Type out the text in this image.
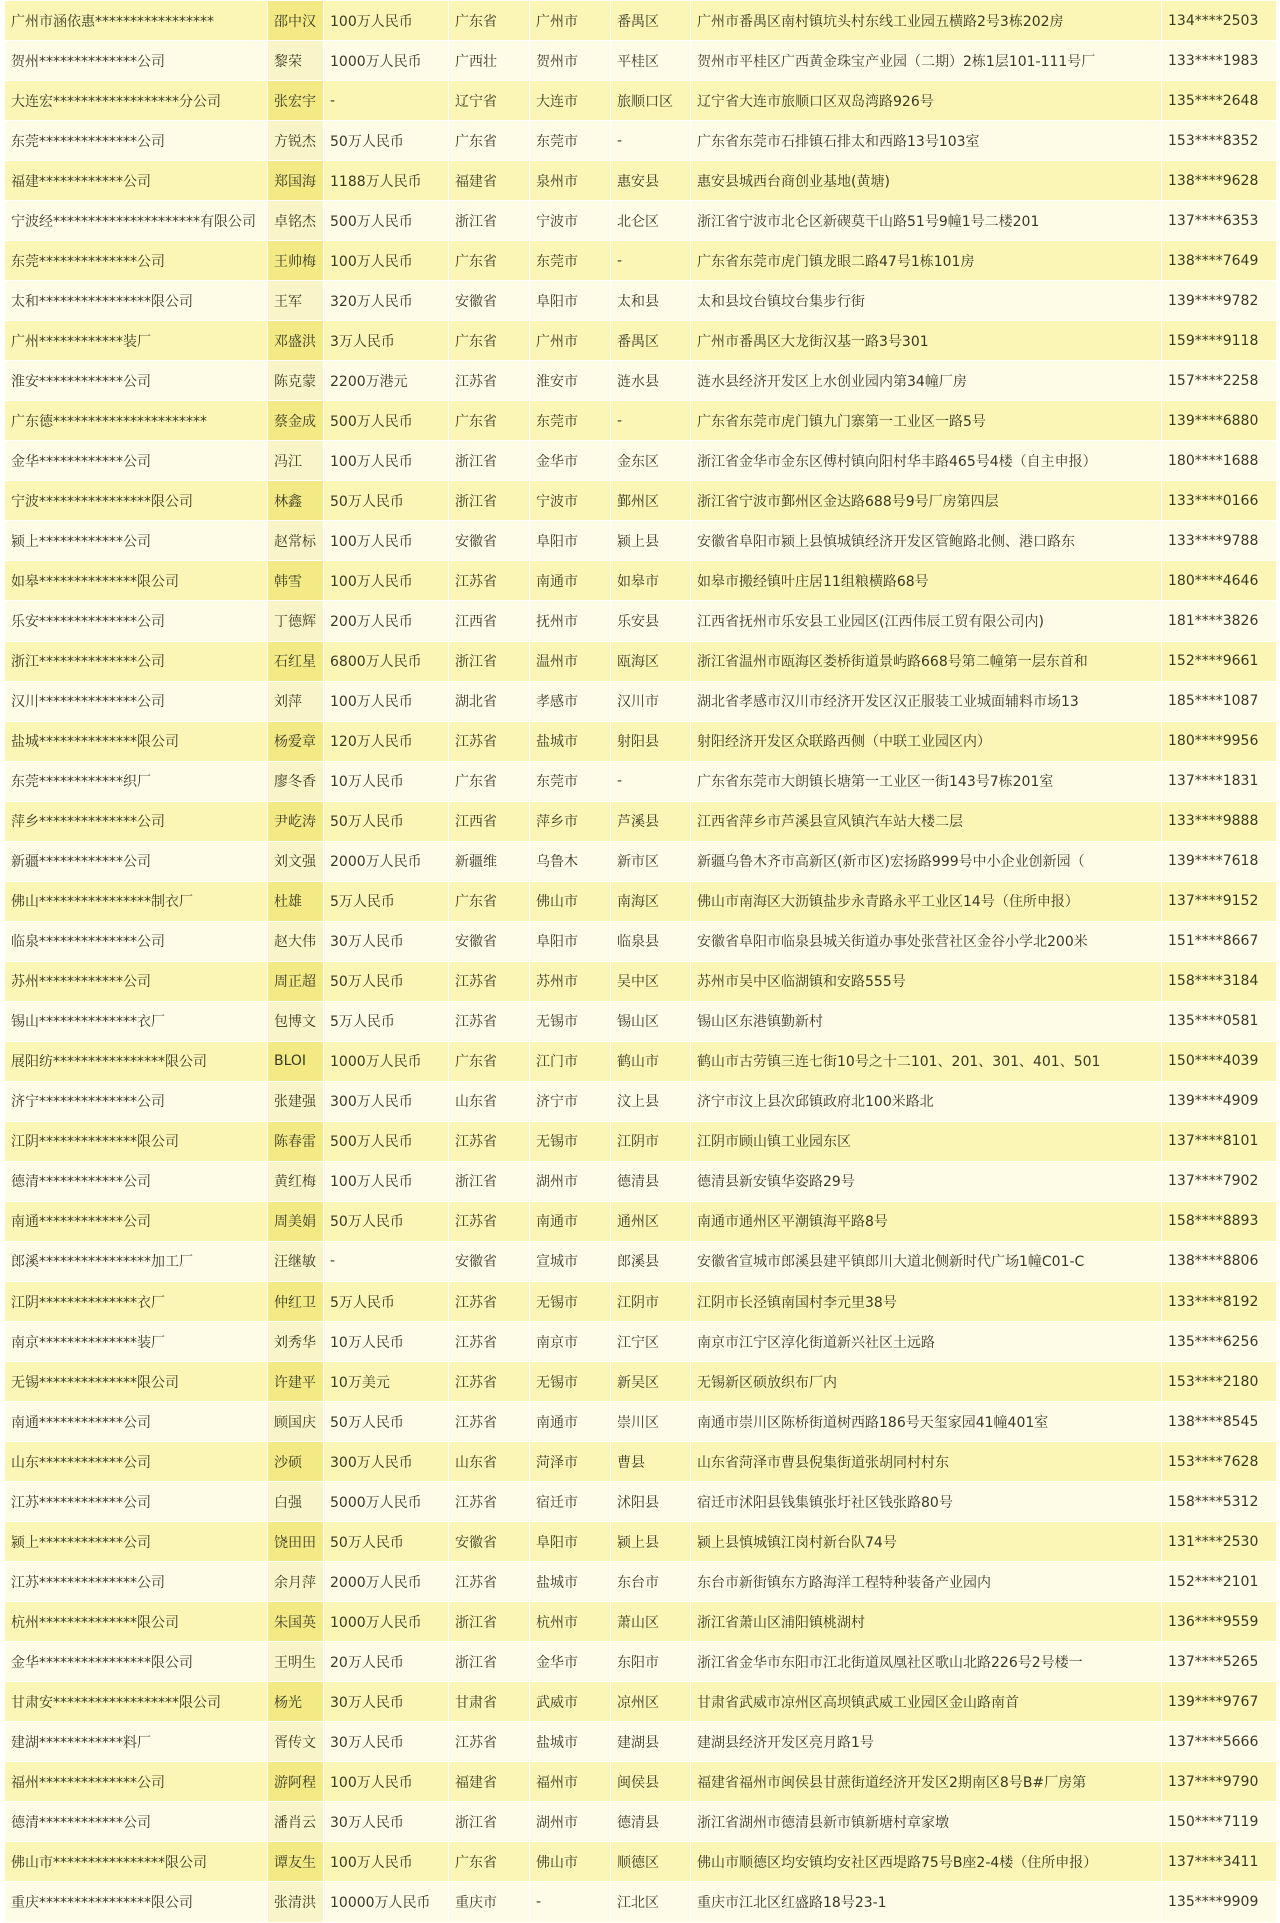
广州市涵依惠*****************	邵中汉	100万人民币	广东省	广州市	番禺区	广州市番禺区南村镇坑头村东线工业园五横路2号3栋202房	134****2503
贺州**************公司	黎荣	1000万人民币	广西壮	贺州市	平桂区	贺州市平桂区广西黄金珠宝产业园（二期）2栋1层101-111号厂	133****1983
大连宏******************分公司	张宏宇	-	辽宁省	大连市	旅顺口区	辽宁省大连市旅顺口区双岛湾路926号	135****2648
东莞**************公司	方锐杰	50万人民币	广东省	东莞市	-	广东省东莞市石排镇石排太和西路13号103室	153****8352
福建************公司	郑国海	1188万人民币	福建省	泉州市	惠安县	惠安县城西台商创业基地(黄塘)	138****9628
宁波经*********************有限公司	卓铭杰	500万人民币	浙江省	宁波市	北仑区	浙江省宁波市北仑区新碶莫干山路51号9幢1号二楼201	137****6353
东莞**************公司	王帅梅	100万人民币	广东省	东莞市	-	广东省东莞市虎门镇龙眼二路47号1栋101房	138****7649
太和****************限公司	王军	320万人民币	安徽省	阜阳市	太和县	太和县坟台镇坟台集步行街	139****9782
广州************装厂	邓盛洪	3万人民币	广东省	广州市	番禺区	广州市番禺区大龙街汉基一路3号301	159****9118
淮安************公司	陈克蒙	2200万港元	江苏省	淮安市	涟水县	涟水县经济开发区上水创业园内第34幢厂房	157****2258
广东德**********************	蔡金成	500万人民币	广东省	东莞市	-	广东省东莞市虎门镇九门寨第一工业区一路5号	139****6880
金华************公司	冯江	100万人民币	浙江省	金华市	金东区	浙江省金华市金东区傅村镇向阳村华丰路465号4楼（自主申报）	180****1688
宁波****************限公司	林鑫	50万人民币	浙江省	宁波市	鄞州区	浙江省宁波市鄞州区金达路688号9号厂房第四层	133****0166
颍上************公司	赵常标	100万人民币	安徽省	阜阳市	颍上县	安徽省阜阳市颍上县慎城镇经济开发区管鲍路北侧、港口路东	133****9788
如皋**************限公司	韩雪	100万人民币	江苏省	南通市	如皋市	如皋市搬经镇叶庄居11组粮横路68号	180****4646
乐安**************公司	丁德辉	200万人民币	江西省	抚州市	乐安县	江西省抚州市乐安县工业园区(江西伟辰工贸有限公司内)	181****3826
浙江**************公司	石红星	6800万人民币	浙江省	温州市	瓯海区	浙江省温州市瓯海区娄桥街道景屿路668号第二幢第一层东首和	152****9661
汉川**************公司	刘萍	100万人民币	湖北省	孝感市	汉川市	湖北省孝感市汉川市经济开发区汉正服装工业城面辅料市场13	185****1087
盐城**************限公司	杨爱章	120万人民币	江苏省	盐城市	射阳县	射阳经济开发区众联路西侧（中联工业园区内）	180****9956
东莞************织厂	廖冬香	10万人民币	广东省	东莞市	-	广东省东莞市大朗镇长塘第一工业区一街143号7栋201室	137****1831
萍乡**************公司	尹屹涛	50万人民币	江西省	萍乡市	芦溪县	江西省萍乡市芦溪县宣风镇汽车站大楼二层	133****9888
新疆************公司	刘文强	2000万人民币	新疆维	乌鲁木	新市区	新疆乌鲁木齐市高新区(新市区)宏扬路999号中小企业创新园（	139****7618
佛山****************制衣厂	杜雄	5万人民币	广东省	佛山市	南海区	佛山市南海区大沥镇盐步永青路永平工业区14号（住所申报）	137****9152
临泉**************公司	赵大伟	30万人民币	安徽省	阜阳市	临泉县	安徽省阜阳市临泉县城关街道办事处张营社区金谷小学北200米	151****8667
苏州************公司	周正超	50万人民币	江苏省	苏州市	吴中区	苏州市吴中区临湖镇和安路555号	158****3184
锡山**************衣厂	包博文	5万人民币	江苏省	无锡市	锡山区	锡山区东港镇勤新村	135****0581
展阳纺****************限公司	BLOI	1000万人民币	广东省	江门市	鹤山市	鹤山市古劳镇三连七街10号之十二101、201、301、401、501	150****4039
济宁**************公司	张建强	300万人民币	山东省	济宁市	汶上县	济宁市汶上县次邱镇政府北100米路北	139****4909
江阴**************限公司	陈春雷	500万人民币	江苏省	无锡市	江阴市	江阴市顾山镇工业园东区	137****8101
德清************公司	黄红梅	100万人民币	浙江省	湖州市	德清县	德清县新安镇华姿路29号	137****7902
南通************公司	周美娟	50万人民币	江苏省	南通市	通州区	南通市通州区平潮镇海平路8号	158****8893
郎溪****************加工厂	汪继敏	-	安徽省	宣城市	郎溪县	安徽省宣城市郎溪县建平镇郎川大道北侧新时代广场1幢C01-C	138****8806
江阴**************衣厂	仲红卫	5万人民币	江苏省	无锡市	江阴市	江阴市长泾镇南国村李元里38号	133****8192
南京**************装厂	刘秀华	10万人民币	江苏省	南京市	江宁区	南京市江宁区淳化街道新兴社区土远路	135****6256
无锡**************限公司	许建平	10万美元	江苏省	无锡市	新吴区	无锡新区硕放织布厂内	153****2180
南通************公司	顾国庆	50万人民币	江苏省	南通市	崇川区	南通市崇川区陈桥街道树西路186号天玺家园41幢401室	138****8545
山东************公司	沙硕	300万人民币	山东省	菏泽市	曹县	山东省菏泽市曹县倪集街道张胡同村村东	153****7628
江苏************公司	白强	5000万人民币	江苏省	宿迁市	沭阳县	宿迁市沭阳县钱集镇张圩社区钱张路80号	158****5312
颍上************公司	饶田田	50万人民币	安徽省	阜阳市	颍上县	颍上县慎城镇江岗村新台队74号	131****2530
江苏**************公司	余月萍	2000万人民币	江苏省	盐城市	东台市	东台市新街镇东方路海洋工程特种装备产业园内	152****2101
杭州**************限公司	朱国英	1000万人民币	浙江省	杭州市	萧山区	浙江省萧山区浦阳镇桃湖村	136****9559
金华****************限公司	王明生	20万人民币	浙江省	金华市	东阳市	浙江省金华市东阳市江北街道凤凰社区歌山北路226号2号楼一	137****5265
甘肃安******************限公司	杨光	30万人民币	甘肃省	武威市	凉州区	甘肃省武威市凉州区高坝镇武威工业园区金山路南首	139****9767
建湖************料厂	胥传文	30万人民币	江苏省	盐城市	建湖县	建湖县经济开发区亮月路1号	137****5666
福州**************公司	游阿程	100万人民币	福建省	福州市	闽侯县	福建省福州市闽侯县甘蔗街道经济开发区2期南区8号B#厂房第	137****9790
德清************公司	潘肖云	30万人民币	浙江省	湖州市	德清县	浙江省湖州市德清县新市镇新塘村章家墩	150****7119
佛山市****************限公司	谭友生	100万人民币	广东省	佛山市	顺德区	佛山市顺德区均安镇均安社区西堤路75号B座2-4楼（住所申报）	137****3411
重庆****************限公司	张清洪	10000万人民币	重庆市	-	江北区	重庆市江北区红盛路18号23-1	135****9909
